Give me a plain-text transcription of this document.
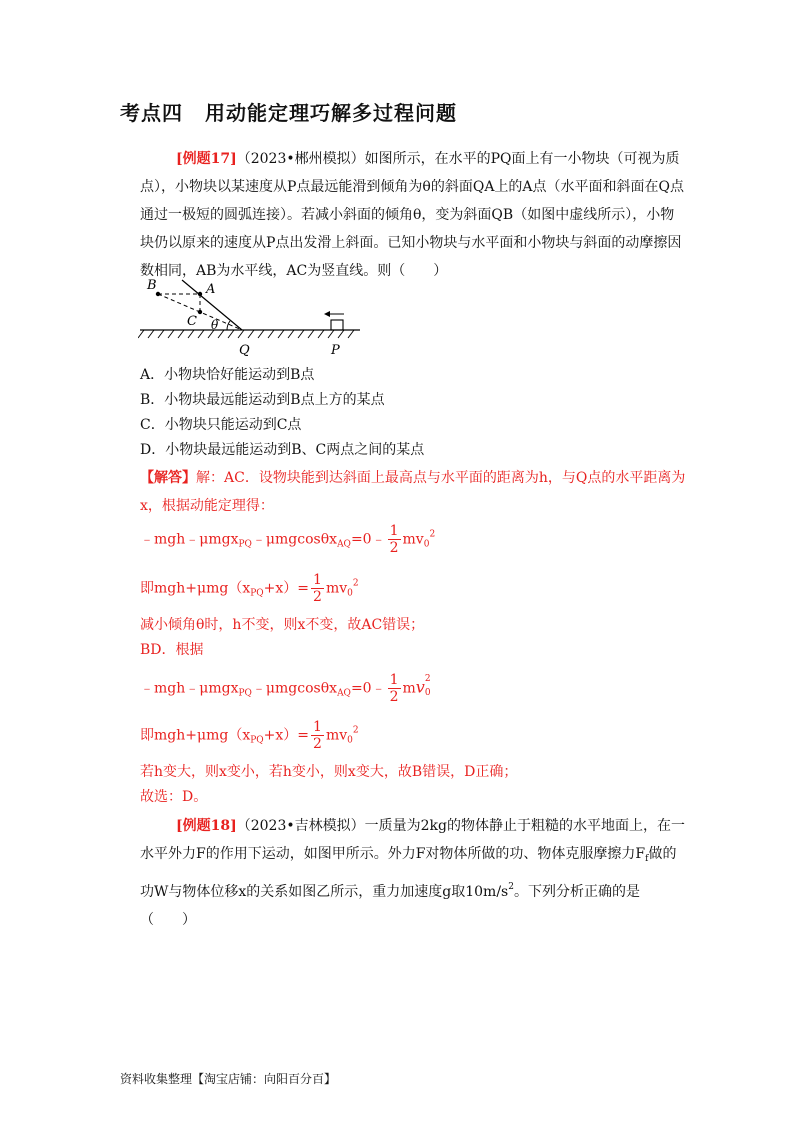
考点四 用动能定理巧解多过程问题
[例题17]（2023•郴州模拟）如图所示，在水平的PQ面上有一小物块（可视为质点），小物块以某速度从P点最远能滑到倾角为θ的斜面QA上的A点（水平面和斜面在Q点通过一极短的圆弧连接）。若减小斜面的倾角θ，变为斜面QB（如图中虚线所示），小物块仍以原来的速度从P点出发滑上斜面。已知小物块与水平面和小物块与斜面的动摩擦因数相同，AB为水平线，AC为竖直线。则（　　）
B	A
C θ
Q	P
A．小物块恰好能运动到B点
B．小物块最远能运动到B点上方的某点
C．小物块只能运动到C点
D．小物块最远能运动到B、C两点之间的某点
【解答】解：AC．设物块能到达斜面上最高点与水平面的距离为h，与Q点的水平距离为x，根据动能定理得：
﹣mgh﹣μmgx$_{PQ}$﹣μmgcosθx$_{AQ}$=0﹣ $\frac{1}{2} mv_0^2$
即$mgh+\mu mg(x_{PQ}+x)= \frac{1}{2} mv_0^2$
减小倾角θ时，h不变，则x不变，故AC错误；
BD．根据
﹣mgh﹣μmgx$_{PQ}$﹣μmgcosθx$_{AQ}$=0﹣ $\frac{1}{2}$ mv 2
0
即$mgh+\mu mg(x_{PQ}+x)= \frac{1}{2} mv_0^2$
若h变大，则x变小，若h变小，则x变大，故B错误，D正确；
故选：D。
[例题18]（2023•吉林模拟）一质量为2kg的物体静止于粗糙的水平地面上，在一水平外力F的作用下运动，如图甲所示。外力F对物体所做的功、物体克服摩擦力$F_f$做的功W与物体位移x的关系如图乙所示，重力加速度g取$10m/s^2$。下列分析正确的是（　　）
资料收集整理【淘宝店铺：向阳百分百】
